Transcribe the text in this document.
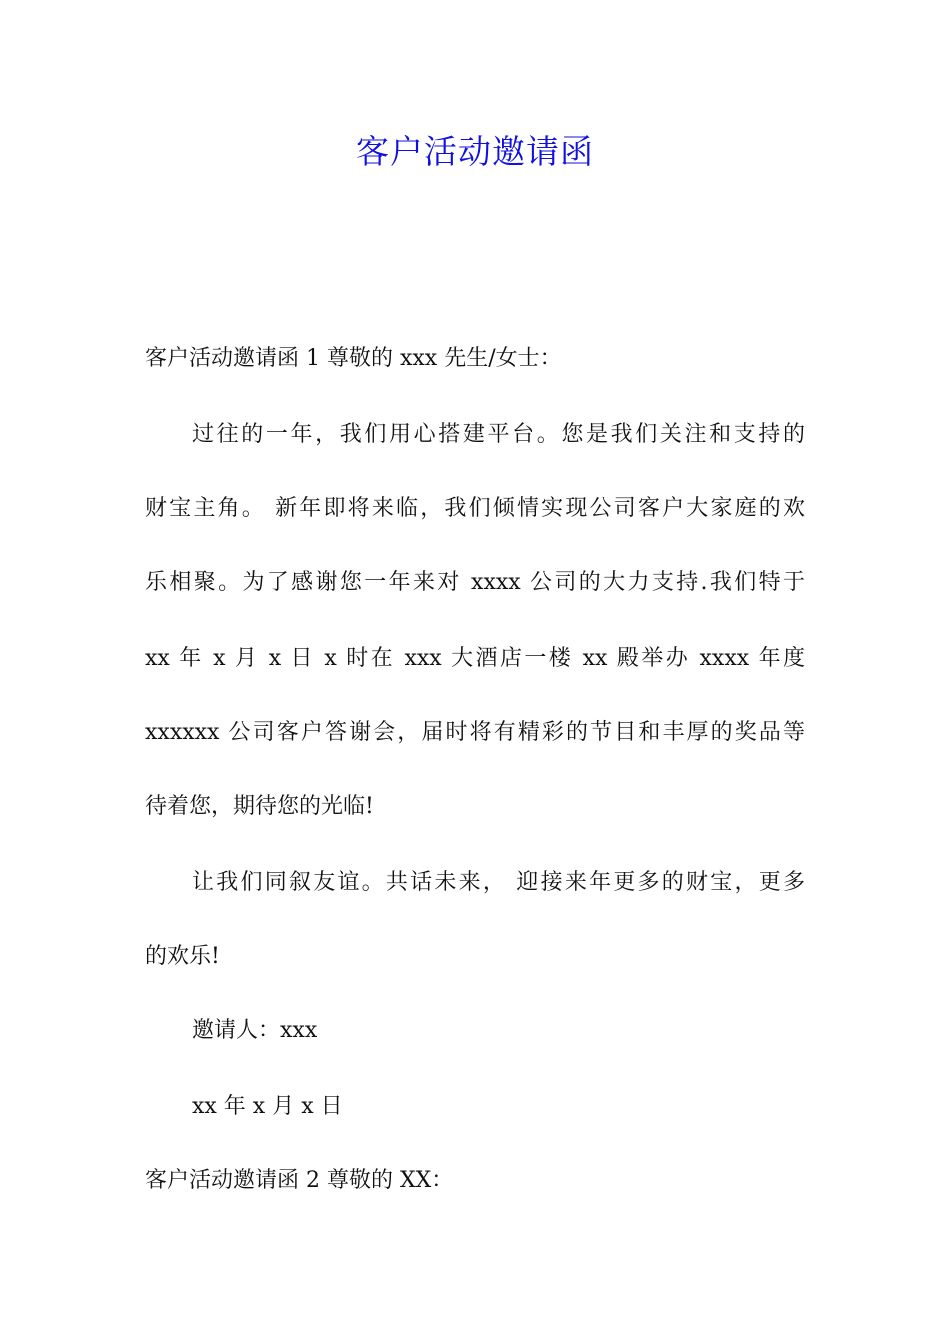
客户活动邀请函
客户活动邀请函 1 尊敬的 xxx 先生/女士：
过往的一年，我们用心搭建平台。您是我们关注和支持的
财宝主角。 新年即将来临，我们倾情实现公司客户大家庭的欢
乐相聚。为了感谢您一年来对 xxxx 公司的大力支持.我们特于
xx 年 x 月 x 日 x 时在 xxx 大酒店一楼 xx 殿举办 xxxx 年度
xxxxxx 公司客户答谢会，届时将有精彩的节目和丰厚的奖品等
待着您，期待您的光临!
让我们同叙友谊。共话未来， 迎接来年更多的财宝，更多
的欢乐!
邀请人：xxx
xx 年 x 月 x 日
客户活动邀请函 2 尊敬的 XX：
